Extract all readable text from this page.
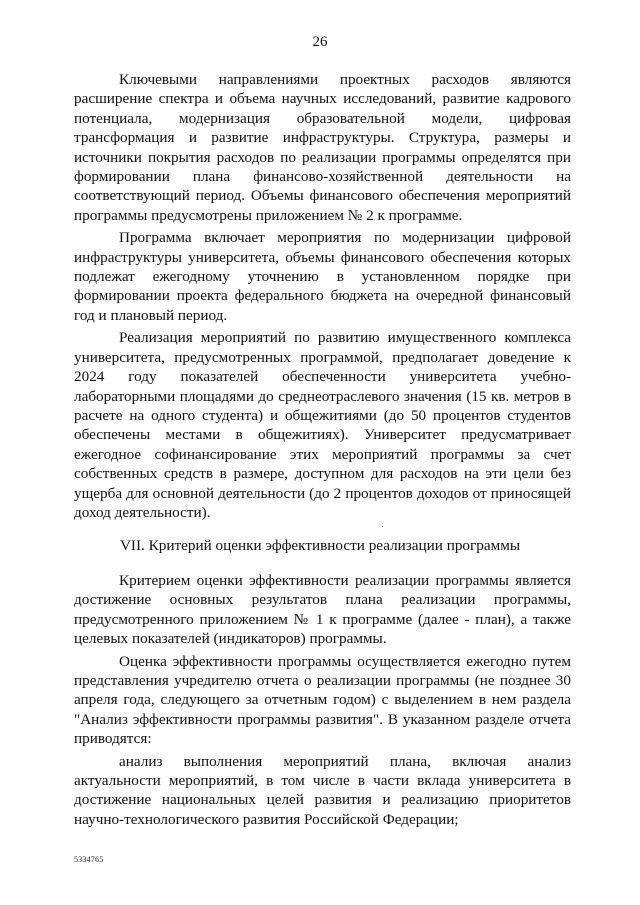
26

Ключевыми направлениями проектных расходов являются расширение спектра и объема научных исследований, развитие кадрового потенциала, модернизация образовательной модели, цифровая трансформация и развитие инфраструктуры. Структура, размеры и источники покрытия расходов по реализации программы определятся при формировании плана финансово-хозяйственной деятельности на соответствующий период. Объемы финансового обеспечения мероприятий программы предусмотрены приложением № 2 к программе.

Программа включает мероприятия по модернизации цифровой инфраструктуры университета, объемы финансового обеспечения которых подлежат ежегодному уточнению в установленном порядке при формировании проекта федерального бюджета на очередной финансовый год и плановый период.

Реализация мероприятий по развитию имущественного комплекса университета, предусмотренных программой, предполагает доведение к 2024 году показателей обеспеченности университета учебно-лабораторными площадями до среднеотраслевого значения (15 кв. метров в расчете на одного студента) и общежитиями (до 50 процентов студентов обеспечены местами в общежитиях). Университет предусматривает ежегодное софинансирование этих мероприятий программы за счет собственных средств в размере, доступном для расходов на эти цели без ущерба для основной деятельности (до 2 процентов доходов от приносящей доход деятельности).

VII. Критерий оценки эффективности реализации программы

Критерием оценки эффективности реализации программы является достижение основных результатов плана реализации программы, предусмотренного приложением № 1 к программе (далее - план), а также целевых показателей (индикаторов) программы.

Оценка эффективности программы осуществляется ежегодно путем представления учредителю отчета о реализации программы (не позднее 30 апреля года, следующего за отчетным годом) с выделением в нем раздела "Анализ эффективности программы развития". В указанном разделе отчета приводятся:

анализ выполнения мероприятий плана, включая анализ актуальности мероприятий, в том числе в части вклада университета в достижение национальных целей развития и реализацию приоритетов научно-технологического развития Российской Федерации;

5334765
